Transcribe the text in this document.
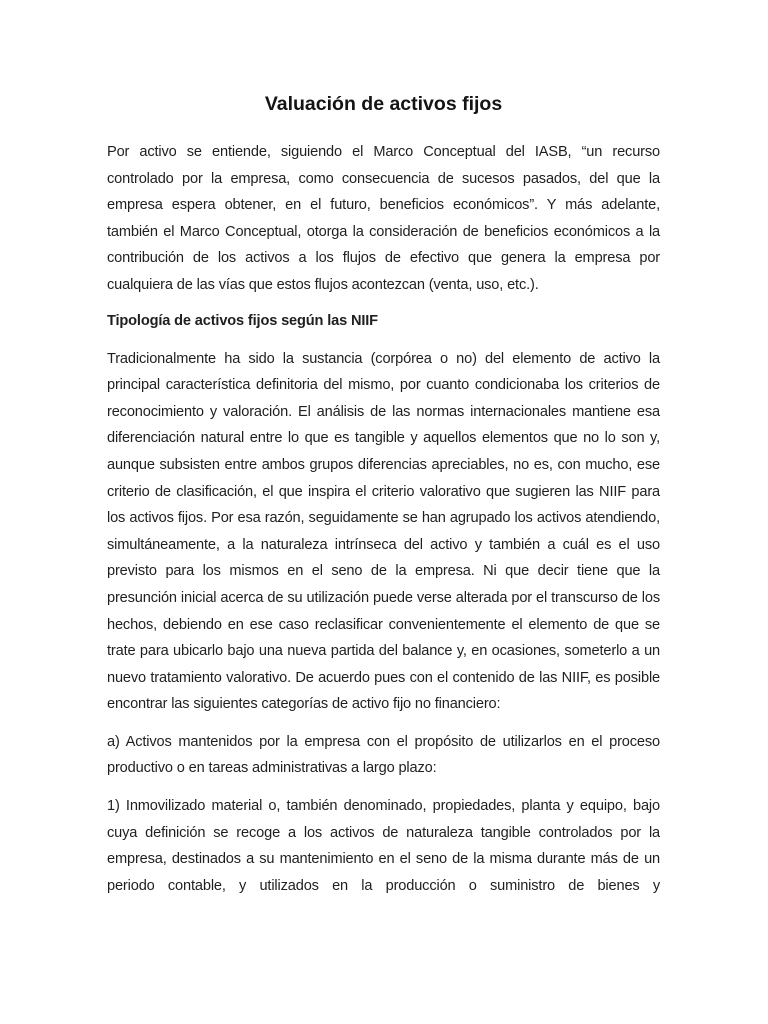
Valuación de activos fijos

Por activo se entiende, siguiendo el Marco Conceptual del IASB, “un recurso controlado por la empresa, como consecuencia de sucesos pasados, del que la empresa espera obtener, en el futuro, beneficios económicos”. Y más adelante, también el Marco Conceptual, otorga la consideración de beneficios económicos a la contribución de los activos a los flujos de efectivo que genera la empresa por cualquiera de las vías que estos flujos acontezcan (venta, uso, etc.).

Tipología de activos fijos según las NIIF

Tradicionalmente ha sido la sustancia (corpórea o no) del elemento de activo la principal característica definitoria del mismo, por cuanto condicionaba los criterios de reconocimiento y valoración. El análisis de las normas internacionales mantiene esa diferenciación natural entre lo que es tangible y aquellos elementos que no lo son y, aunque subsisten entre ambos grupos diferencias apreciables, no es, con mucho, ese criterio de clasificación, el que inspira el criterio valorativo que sugieren las NIIF para los activos fijos. Por esa razón, seguidamente se han agrupado los activos atendiendo, simultáneamente, a la naturaleza intrínseca del activo y también a cuál es el uso previsto para los mismos en el seno de la empresa. Ni que decir tiene que la presunción inicial acerca de su utilización puede verse alterada por el transcurso de los hechos, debiendo en ese caso reclasificar convenientemente el elemento de que se trate para ubicarlo bajo una nueva partida del balance y, en ocasiones, someterlo a un nuevo tratamiento valorativo. De acuerdo pues con el contenido de las NIIF, es posible encontrar las siguientes categorías de activo fijo no financiero:

a) Activos mantenidos por la empresa con el propósito de utilizarlos en el proceso productivo o en tareas administrativas a largo plazo:

1) Inmovilizado material o, también denominado, propiedades, planta y equipo, bajo cuya definición se recoge a los activos de naturaleza tangible controlados por la empresa, destinados a su mantenimiento en el seno de la misma durante más de un periodo contable, y utilizados en la producción o suministro de bienes y
